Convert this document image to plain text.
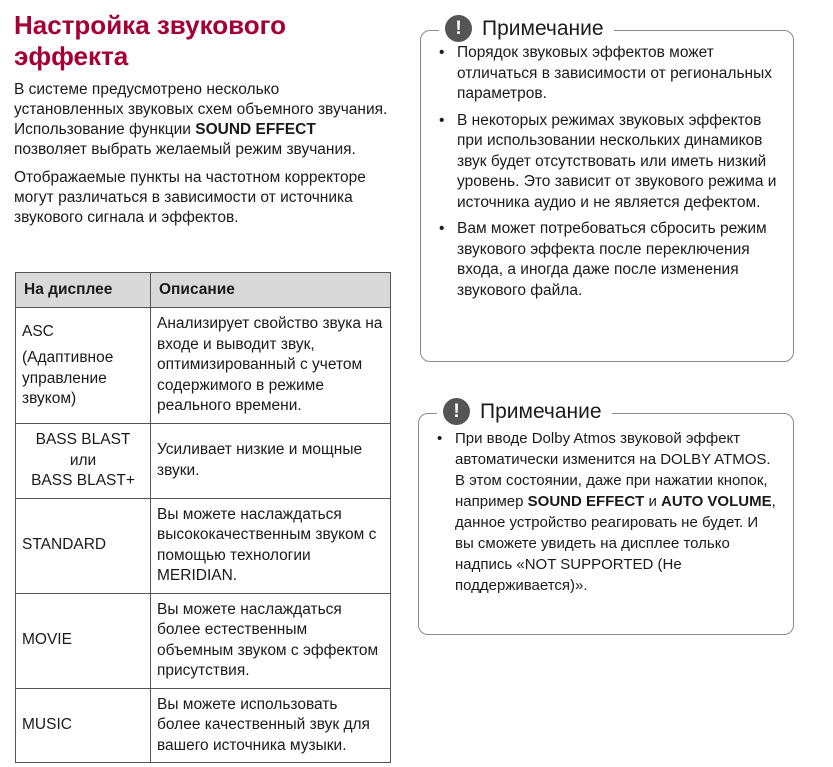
Настройка звукового эффекта

В системе предусмотрено несколько установленных звуковых схем объемного звучания. Использование функции SOUND EFFECT позволяет выбрать желаемый режим звучания.

Отображаемые пункты на частотном корректоре могут различаться в зависимости от источника звукового сигнала и эффектов.

На дисплее	Описание
ASC
(Адаптивное управление звуком)	Анализирует свойство звука на входе и выводит звук, оптимизированный с учетом содержимого в режиме реального времени.
BASS BLAST
или
BASS BLAST+	Усиливает низкие и мощные звуки.
STANDARD	Вы можете наслаждаться высококачественным звуком с помощью технологии MERIDIAN.
MOVIE	Вы можете наслаждаться более естественным объемным звуком с эффектом присутствия.
MUSIC	Вы можете использовать более качественный звук для вашего источника музыки.
! Примечание
• Порядок звуковых эффектов может отличаться в зависимости от региональных параметров.
• В некоторых режимах звуковых эффектов при использовании нескольких динамиков звук будет отсутствовать или иметь низкий уровень. Это зависит от звукового режима и источника аудио и не является дефектом.
• Вам может потребоваться сбросить режим звукового эффекта после переключения входа, а иногда даже после изменения звукового файла.
! Примечание
• При вводе Dolby Atmos звуковой эффект автоматически изменится на DOLBY ATMOS.
В этом состоянии, даже при нажатии кнопок, например SOUND EFFECT и AUTO VOLUME, данное устройство реагировать не будет. И вы сможете увидеть на дисплее только надпись «NOT SUPPORTED (Не поддерживается)».
